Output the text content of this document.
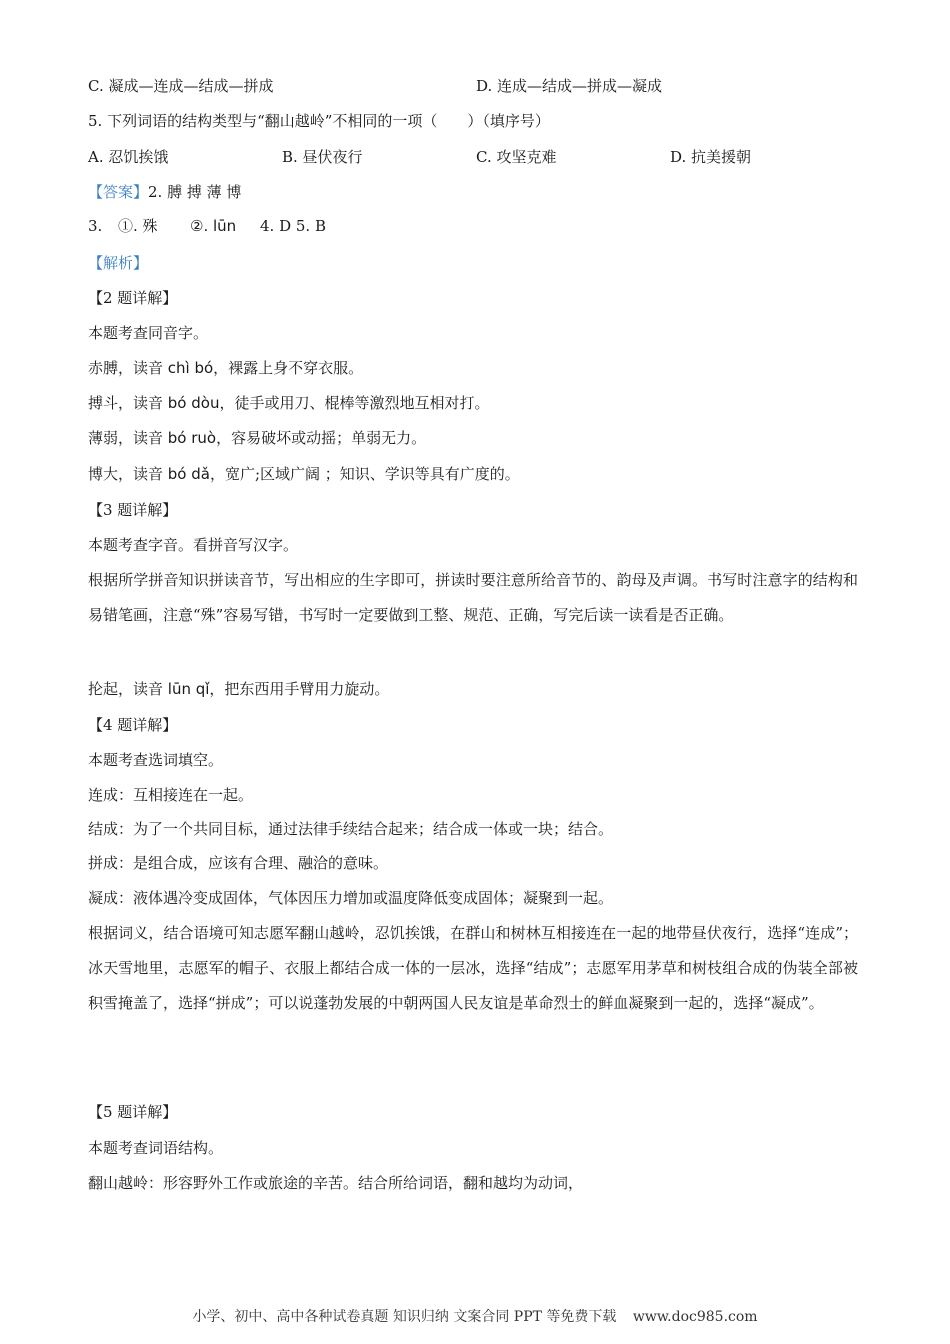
C. 凝成—连成—结成—拼成	D. 连成—结成—拼成—凝成
5. 下列词语的结构类型与“翻山越岭”不相同的一项（　　）（填序号）
A. 忍饥挨饿	B. 昼伏夜行	C. 攻坚克难	D. 抗美援朝
【答案】2. 膊 搏 薄 博
3. ①. 殊 ②. lūn 4. D 5. B
【解析】
【2 题详解】
本题考查同音字。
赤膊，读音 chì bó，裸露上身不穿衣服。
搏斗，读音 bó dòu，徒手或用刀、棍棒等激烈地互相对打。
薄弱，读音 bó ruò，容易破坏或动摇；单弱无力。
博大，读音 bó dǎ，宽广;区域广阔 ；知识、学识等具有广度的。
【3 题详解】
本题考查字音。看拼音写汉字。
根据所学拼音知识拼读音节，写出相应的生字即可，拼读时要注意所给音节的、韵母及声调。书写时注意字的结构和易错笔画，注意“殊”容易写错，书写时一定要做到工整、规范、正确，写完后读一读看是否正确。
抡起，读音 lūn qǐ，把东西用手臂用力旋动。
【4 题详解】
本题考查选词填空。
连成：互相接连在一起。
结成：为了一个共同目标，通过法律手续结合起来；结合成一体或一块；结合。
拼成：是组合成，应该有合理、融洽的意味。
凝成：液体遇冷变成固体，气体因压力增加或温度降低变成固体；凝聚到一起。
根据词义，结合语境可知志愿军翻山越岭，忍饥挨饿，在群山和树林互相接连在一起的地带昼伏夜行，选择“连成”；冰天雪地里，志愿军的帽子、衣服上都结合成一体的一层冰，选择“结成”；志愿军用茅草和树枝组合成的伪装全部被积雪掩盖了，选择“拼成”；可以说蓬勃发展的中朝两国人民友谊是革命烈士的鲜血凝聚到一起的，选择“凝成”。
【5 题详解】
本题考查词语结构。
翻山越岭：形容野外工作或旅途的辛苦。结合所给词语，翻和越均为动词，
小学、初中、高中各种试卷真题 知识归纳 文案合同 PPT 等免费下载 www.doc985.com
